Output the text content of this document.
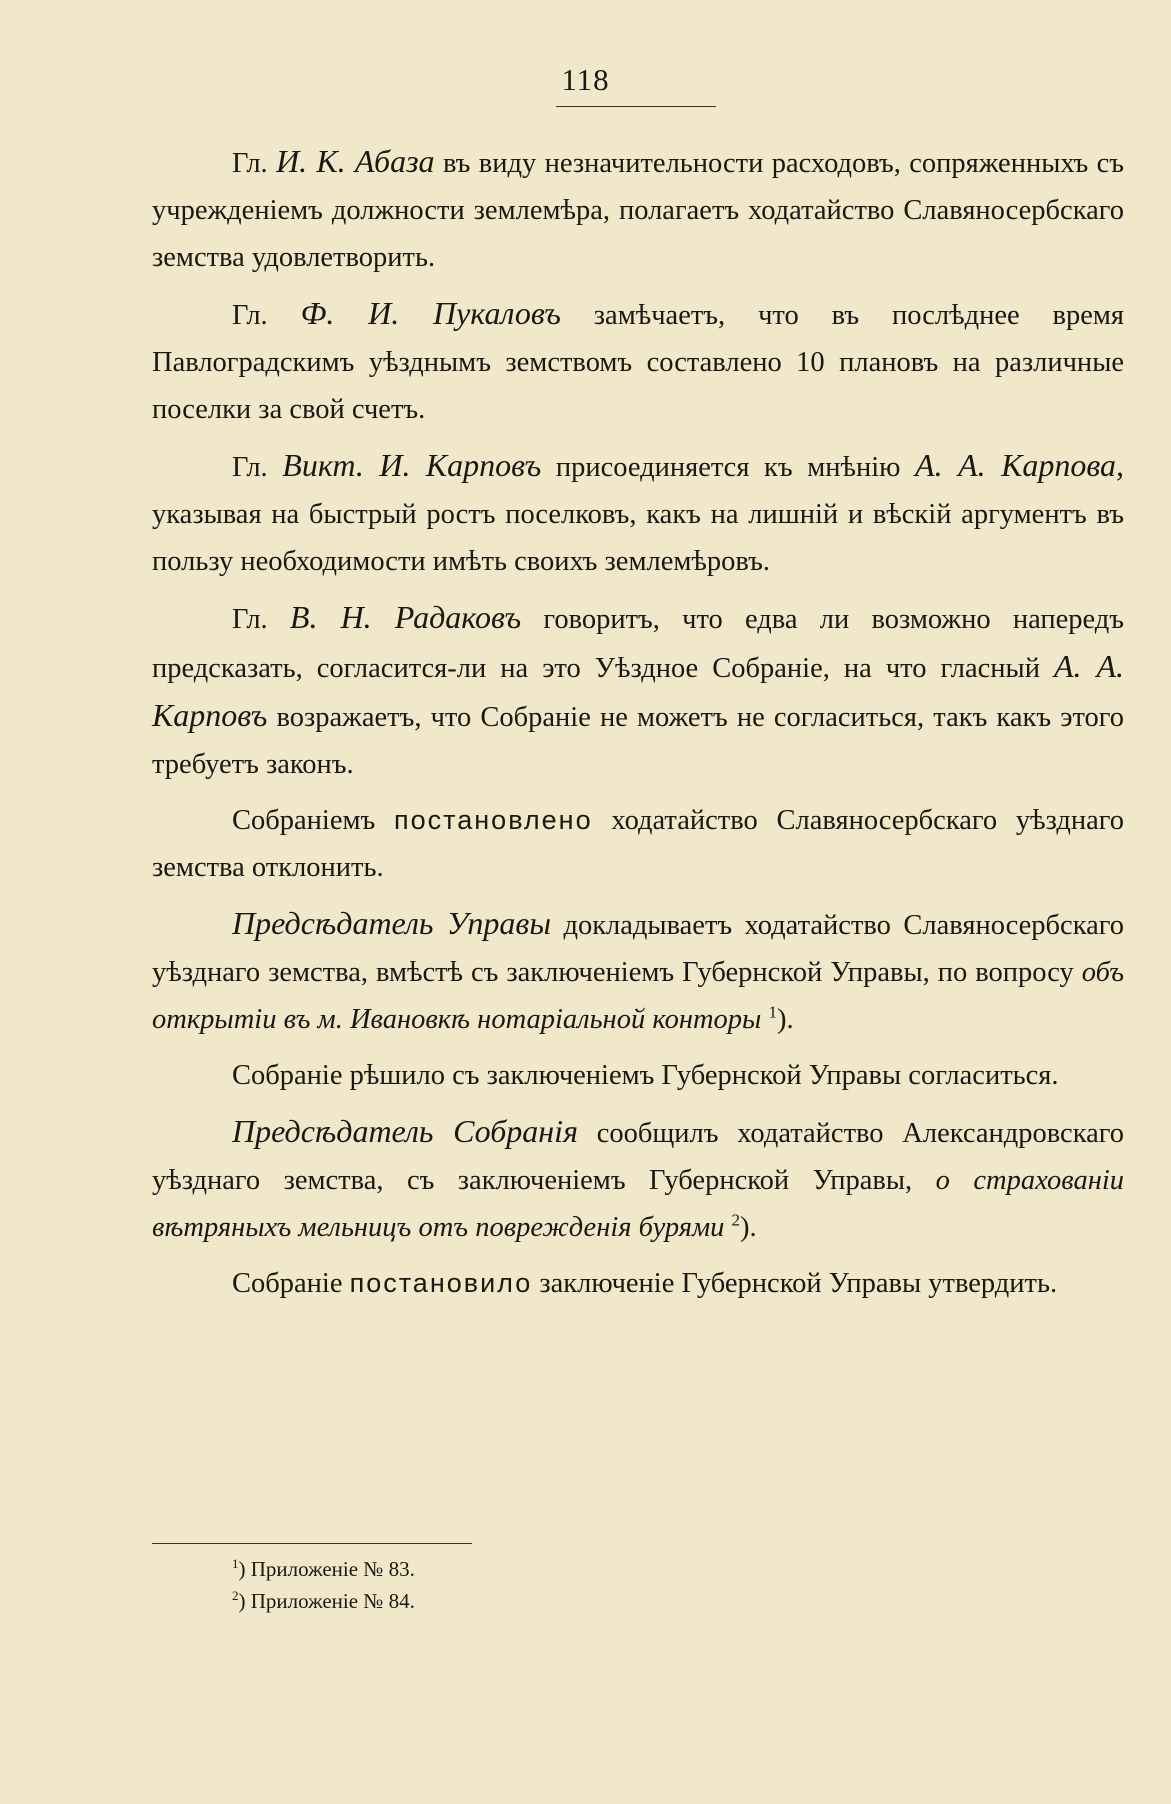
118

Гл. И. К. Абаза въ виду незначительности расходовъ, сопряженныхъ съ учрежденіемъ должности землемѣра, полагаетъ ходатайство Славяносербскаго земства удовлетворить.

Гл. Ф. И. Пукаловъ замѣчаетъ, что въ послѣднее время Павлоградскимъ уѣзднымъ земствомъ составлено 10 плановъ на различные поселки за свой счетъ.

Гл. Викт. И. Карповъ присоединяется къ мнѣнію А. А. Карпова, указывая на быстрый ростъ поселковъ, какъ на лишній и вѣскій аргументъ въ пользу необходимости имѣть своихъ землемѣровъ.

Гл. В. Н. Радаковъ говоритъ, что едва ли возможно напередъ предсказать, согласится-ли на это Уѣздное Собраніе, на что гласный А. А. Карповъ возражаетъ, что Собраніе не можетъ не согласиться, такъ какъ этого требуетъ законъ.

Собраніемъ постановлено ходатайство Славяносербскаго уѣзднаго земства отклонить.

Предсѣдатель Управы докладываетъ ходатайство Славяносербскаго уѣзднаго земства, вмѣстѣ съ заключеніемъ Губернской Управы, по вопросу объ открытіи въ м. Ивановкѣ нотаріальной конторы $^1$).

Собраніе рѣшило съ заключеніемъ Губернской Управы согласиться.

Предсѣдатель Собранія сообщилъ ходатайство Александровскаго уѣзднаго земства, съ заключеніемъ Губернской Управы, о страхованіи вѣтряныхъ мельницъ отъ поврежденія бурями $^2$).

Собраніе постановило заключеніе Губернской Управы утвердить.

$^1$) Приложеніе № 83.
$^2$) Приложеніе № 84.
